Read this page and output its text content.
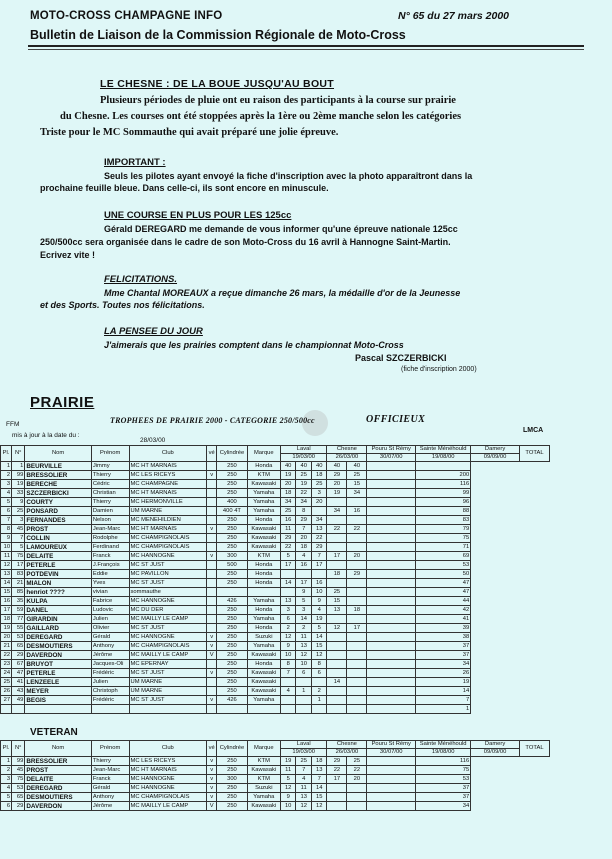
MOTO-CROSS CHAMPAGNE INFO	N° 65 du 27 mars 2000
Bulletin de Liaison de la Commission Régionale de Moto-Cross
LE CHESNE : DE LA BOUE JUSQU'AU BOUT
Plusieurs périodes de pluie ont eu raison des participants à la course sur prairie
du Chesne. Les courses ont été stoppées après la 1ère ou 2ème manche selon les catégories
Triste pour le MC Sommauthe qui avait préparé une jolie épreuve.
IMPORTANT :
Seuls les pilotes ayant envoyé la fiche d'inscription avec la photo apparaîtront dans la
prochaine feuille bleue. Dans celle-ci, ils sont encore en minuscule.
UNE COURSE EN PLUS POUR LES 125cc
Gérald DEREGARD me demande de vous informer qu'une épreuve nationale 125cc
250/500cc sera organisée dans le cadre de son Moto-Cross du 16 avril à Hannogne Saint-Martin.
Ecrivez vite !
FELICITATIONS.
Mme Chantal MOREAUX a reçue dimanche 26 mars, la médaille d'or de la Jeunesse
et des Sports. Toutes nos félicitations.
LA PENSEE DU JOUR
J'aimerais que les prairies comptent dans le championnat Moto-Cross
Pascal SZCZERBICKI
(fiche d'inscription 2000)
PRAIRIE
FFM	TROPHEES DE PRAIRIE 2000 - CATEGORIE 250/500cc	OFFICIEUX
LMCA
mis à jour à la date du :
28/03/00
Pl.	N°	Nom	Prénom	Club	vé	Cylindrée	Marque	Laval			Chesne		Pouru St Rémy	Sainte Ménéhould	Damery	TOTAL
								19/03/00			26/03/00		30/07/00	19/08/00	09/09/00	
1	1	BEURVILLE	Jimmy	MC HT MARNAIS		250	Honda	40	40	40	40	40				
2	99	BRESSOLIER	Thierry	MC LES RICEYS	v	250	KTM	19	25	18	29	25		200		
3	19	BERECHE	Cédric	MC CHAMPAGNE		250	Kawasaki	20	19	25	20	15		116		
4	33	SZCZERBICKI	Christian	MC HT MARNAIS		250	Yamaha	18	22	3	19	34		99		
5	9	COURTY	Thierry	MC HERMONVILLE		400	Yamaha	34	34	20				96		
6	25	PONSARD	Damien	UM MARNE		400 4T	Yamaha	25	8		34	16		88		
7	3	FERNANDES	Nelson	MC MENEHILDIEN		250	Honda	16	29	34				83		
8	45	PROST	Jean-Marc	MC HT MARNAIS	v	250	Kawasaki	11	7	13	22	22		79		
9	7	COLLIN	Rodolphe	MC CHAMPIGNOLAIS		250	Kawasaki	29	20	22				75		
10	5	LAMOUREUX	Ferdinand	MC CHAMPIGNOLAIS		250	Kawasaki	22	18	29				71		
11	75	DELAITE	Franck	MC HANNOGNE	v	300	KTM	5	4	7	17	20		69		
12	17	PETERLE	J.François	MC ST JUST		500	Honda	17	16	17				53		
13	83	POTDEVIN	Eddie	MC PAVILLON		250	Honda				18	29		50		
14	21	MIALON	Yves	MC ST JUST		250	Honda	14	17	16				47		
15	85	henriot ????	vivian	sommauthe					9	10	25			47		
16	35	KULPA	Fabrice	MC HANNOGNE		426	Yamaha	13	5	9	15			44		
17	59	DANEL	Ludovic	MC DU DER		250	Honda	3	3	4	13	18		42		
18	77	GIRARDIN	Julien	MC MAILLY LE CAMP		250	Yamaha	6	14	19				41		
19	55	GAILLARD	Olivier	MC ST JUST		250	Honda	2	2	5	12	17		39		
20	53	DEREGARD	Gérald	MC HANNOGNE	v	250	Suzuki	12	11	14				38		
21	65	DESMOUTIERS	Anthony	MC CHAMPIGNOLAIS	v	250	Yamaha	9	13	15				37		
22	29	DAVERDON	Jérôme	MC MAILLY LE CAMP	V	250	Kawasaki	10	12	12				37		
23	67	BRUYOT	Jacques-Oli	MC EPERNAY		250	Honda	8	10	8				34		
24	47	PETERLE	Frédéric	MC ST JUST	v	250	Kawasaki	7	6	6				26		
25	41	LENZEELE	Julien	UM MARNE		250	Kawasaki				14			19		
26	43	MEYER	Christoph	UM MARNE		250	Kawasaki	4	1	2				14		
27	49	BEGIS	Frédéric	MC ST JUST	v	426	Yamaha			1				7		
														1		
VETERAN
Pl.	N°	Nom	Prénom	Club	vé	Cylindrée	Marque	Laval			Chesne		Pouru St Rémy	Sainte Ménéhould	Damery	TOTAL
								19/03/00			26/03/00		30/07/00	19/08/00	09/09/00	
1	99	BRESSOLIER	Thierry	MC LES RICEYS	v	250	KTM	19	25	18	29	25		116		
2	45	PROST	Jean-Marc	MC HT MARNAIS	v	250	Kawasaki	11	7	13	22	22		75		
3	75	DELAITE	Franck	MC HANNOGNE	v	300	KTM	5	4	7	17	20		53		
4	53	DEREGARD	Gérald	MC HANNOGNE	v	250	Suzuki	12	11	14				37		
5	65	DESMOUTIERS	Anthony	MC CHAMPIGNOLAIS	v	250	Yamaha	9	13	15				37		
6	29	DAVERDON	Jérôme	MC MAILLY LE CAMP	V	250	Kawasaki	10	12	12				34		
